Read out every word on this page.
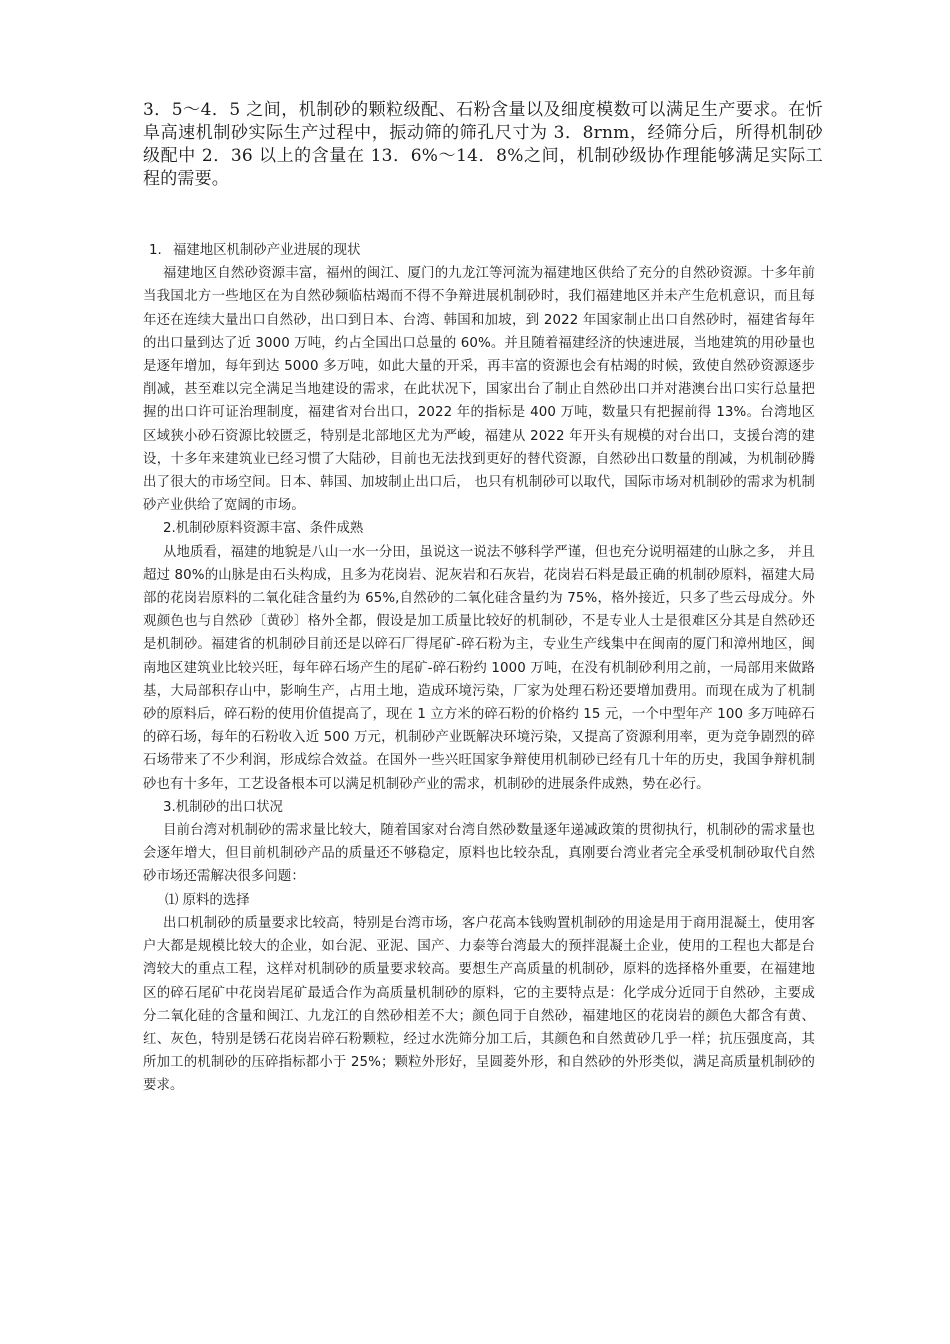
3．5～4．5 之间，机制砂的颗粒级配、石粉含量以及细度模数可以满足生产要求。在忻阜高速机制砂实际生产过程中，振动筛的筛孔尺寸为 3．8rnm，经筛分后，所得机制砂级配中 2．36 以上的含量在 13．6%～14．8%之间，机制砂级协作理能够满足实际工程的需要。

1. 福建地区机制砂产业进展的现状

福建地区自然砂资源丰富，福州的闽江、厦门的九龙江等河流为福建地区供给了充分的自然砂资源。十多年前当我国北方一些地区在为自然砂频临枯竭而不得不争辩进展机制砂时，我们福建地区并未产生危机意识，而且每年还在连续大量出口自然砂，出口到日本、台湾、韩国和加坡，到 2022 年国家制止出口自然砂时，福建省每年的出口量到达了近 3000 万吨，约占全国出口总量的 60%。并且随着福建经济的快速进展，当地建筑的用砂量也是逐年增加，每年到达 5000 多万吨，如此大量的开采，再丰富的资源也会有枯竭的时候，致使自然砂资源逐步削减，甚至难以完全满足当地建设的需求，在此状况下，国家出台了制止自然砂出口并对港澳台出口实行总量把握的出口许可证治理制度，福建省对台出口，2022 年的指标是 400 万吨，数量只有把握前得 13%。台湾地区区域狭小砂石资源比较匮乏，特别是北部地区尤为严峻，福建从 2022 年开头有规模的对台出口，支援台湾的建设，十多年来建筑业已经习惯了大陆砂，目前也无法找到更好的替代资源，自然砂出口数量的削减，为机制砂腾出了很大的市场空间。日本、韩国、加坡制止出口后， 也只有机制砂可以取代，国际市场对机制砂的需求为机制砂产业供给了宽阔的市场。

2.机制砂原料资源丰富、条件成熟

从地质看，福建的地貌是八山一水一分田，虽说这一说法不够科学严谨，但也充分说明福建的山脉之多， 并且超过 80%的山脉是由石头构成，且多为花岗岩、泥灰岩和石灰岩，花岗岩石料是最正确的机制砂原料，福建大局部的花岗岩原料的二氧化硅含量约为 65%,自然砂的二氧化硅含量约为 75%，格外接近，只多了些云母成分。外观颜色也与自然砂〔黄砂〕格外全都，假设是加工质量比较好的机制砂，不是专业人士是很难区分其是自然砂还是机制砂。福建省的机制砂目前还是以碎石厂得尾矿-碎石粉为主，专业生产线集中在闽南的厦门和漳州地区，闽南地区建筑业比较兴旺，每年碎石场产生的尾矿-碎石粉约 1000 万吨，在没有机制砂利用之前，一局部用来做路基，大局部积存山中，影响生产，占用土地，造成环境污染，厂家为处理石粉还要增加费用。而现在成为了机制砂的原料后，碎石粉的使用价值提高了，现在 1 立方米的碎石粉的价格约 15 元，一个中型年产 100 多万吨碎石的碎石场，每年的石粉收入近 500 万元，机制砂产业既解决环境污染，又提高了资源利用率，更为竞争剧烈的碎石场带来了不少利润，形成综合效益。在国外一些兴旺国家争辩使用机制砂已经有几十年的历史，我国争辩机制砂也有十多年，工艺设备根本可以满足机制砂产业的需求，机制砂的进展条件成熟，势在必行。

3.机制砂的出口状况

目前台湾对机制砂的需求量比较大，随着国家对台湾自然砂数量逐年递减政策的贯彻执行，机制砂的需求量也会逐年增大，但目前机制砂产品的质量还不够稳定，原料也比较杂乱，真刚要台湾业者完全承受机制砂取代自然砂市场还需解决很多问题：

⑴ 原料的选择

出口机制砂的质量要求比较高，特别是台湾市场，客户花高本钱购置机制砂的用途是用于商用混凝土，使用客户大都是规模比较大的企业，如台泥、亚泥、国产、力泰等台湾最大的预拌混凝土企业，使用的工程也大都是台湾较大的重点工程，这样对机制砂的质量要求较高。要想生产高质量的机制砂，原料的选择格外重要，在福建地区的碎石尾矿中花岗岩尾矿最适合作为高质量机制砂的原料，它的主要特点是：化学成分近同于自然砂，主要成分二氧化硅的含量和闽江、九龙江的自然砂相差不大；颜色同于自然砂，福建地区的花岗岩的颜色大都含有黄、红、灰色，特别是锈石花岗岩碎石粉颗粒，经过水洗筛分加工后，其颜色和自然黄砂几乎一样；抗压强度高，其所加工的机制砂的压碎指标都小于 25%；颗粒外形好，呈圆菱外形，和自然砂的外形类似，满足高质量机制砂的要求。
